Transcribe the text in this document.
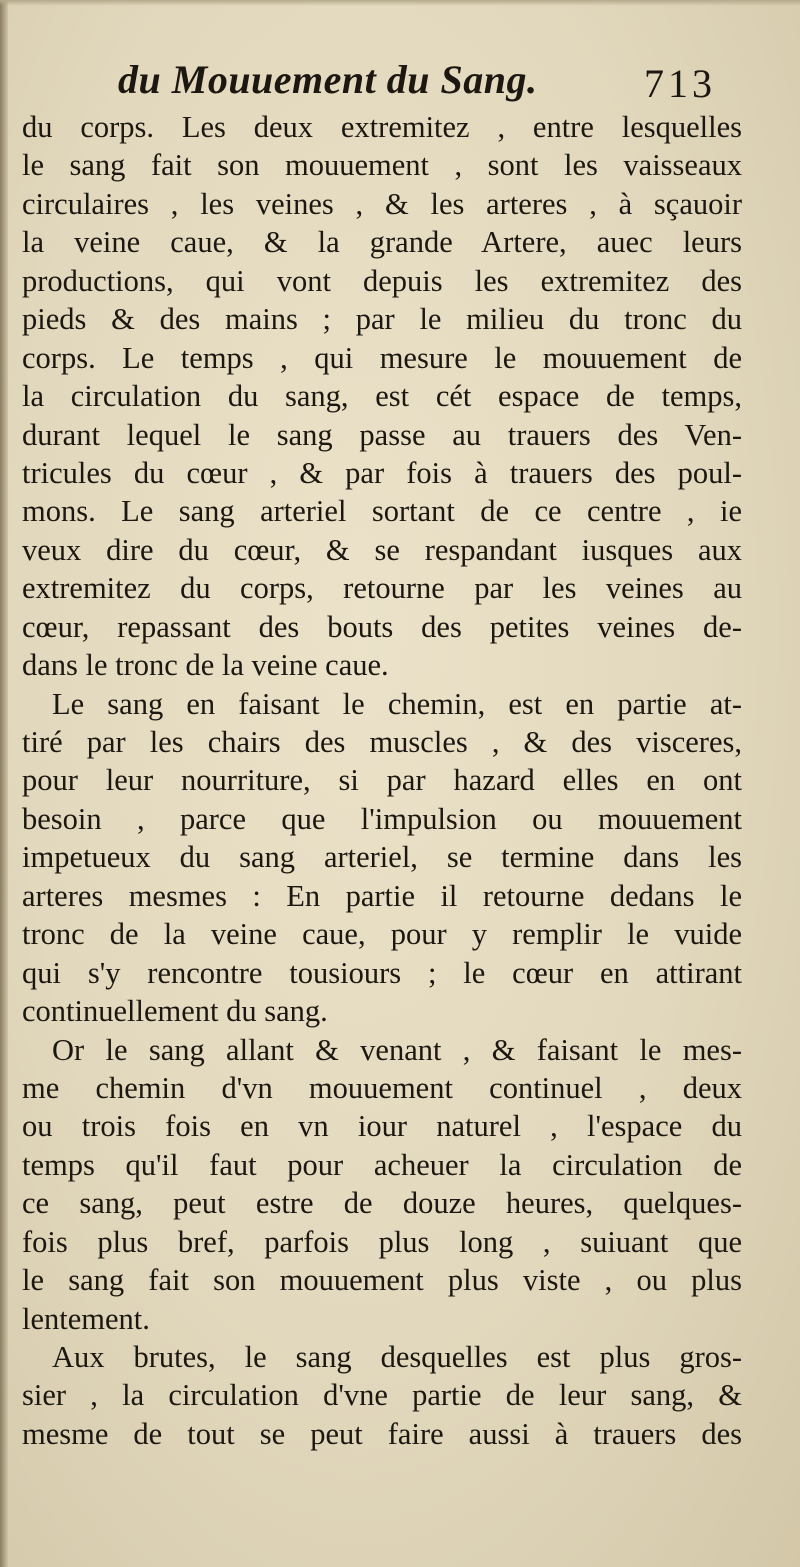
du Mouuement du Sang.	713
du corps. Les deux extremitez , entre lesquelles
le sang fait son mouuement , sont les vaisseaux
circulaires , les veines , & les arteres , à sçauoir
la veine caue, & la grande Artere, auec leurs
productions, qui vont depuis les extremitez des
pieds & des mains ; par le milieu du tronc du
corps. Le temps , qui mesure le mouuement de
la circulation du sang, est cét espace de temps,
durant lequel le sang passe au trauers des Ven-
tricules du cœur , & par fois à trauers des poul-
mons. Le sang arteriel sortant de ce centre , ie
veux dire du cœur, & se respandant iusques aux
extremitez du corps, retourne par les veines au
cœur, repassant des bouts des petites veines de-
dans le tronc de la veine caue.
Le sang en faisant le chemin, est en partie at-
tiré par les chairs des muscles , & des visceres,
pour leur nourriture, si par hazard elles en ont
besoin , parce que l'impulsion ou mouuement
impetueux du sang arteriel, se termine dans les
arteres mesmes : En partie il retourne dedans le
tronc de la veine caue, pour y remplir le vuide
qui s'y rencontre tousiours ; le cœur en attirant
continuellement du sang.
Or le sang allant & venant , & faisant le mes-
me chemin d'vn mouuement continuel , deux
ou trois fois en vn iour naturel , l'espace du
temps qu'il faut pour acheuer la circulation de
ce sang, peut estre de douze heures, quelques-
fois plus bref, parfois plus long , suiuant que
le sang fait son mouuement plus viste , ou plus
lentement.
Aux brutes, le sang desquelles est plus gros-
sier , la circulation d'vne partie de leur sang, &
mesme de tout se peut faire aussi à trauers des
